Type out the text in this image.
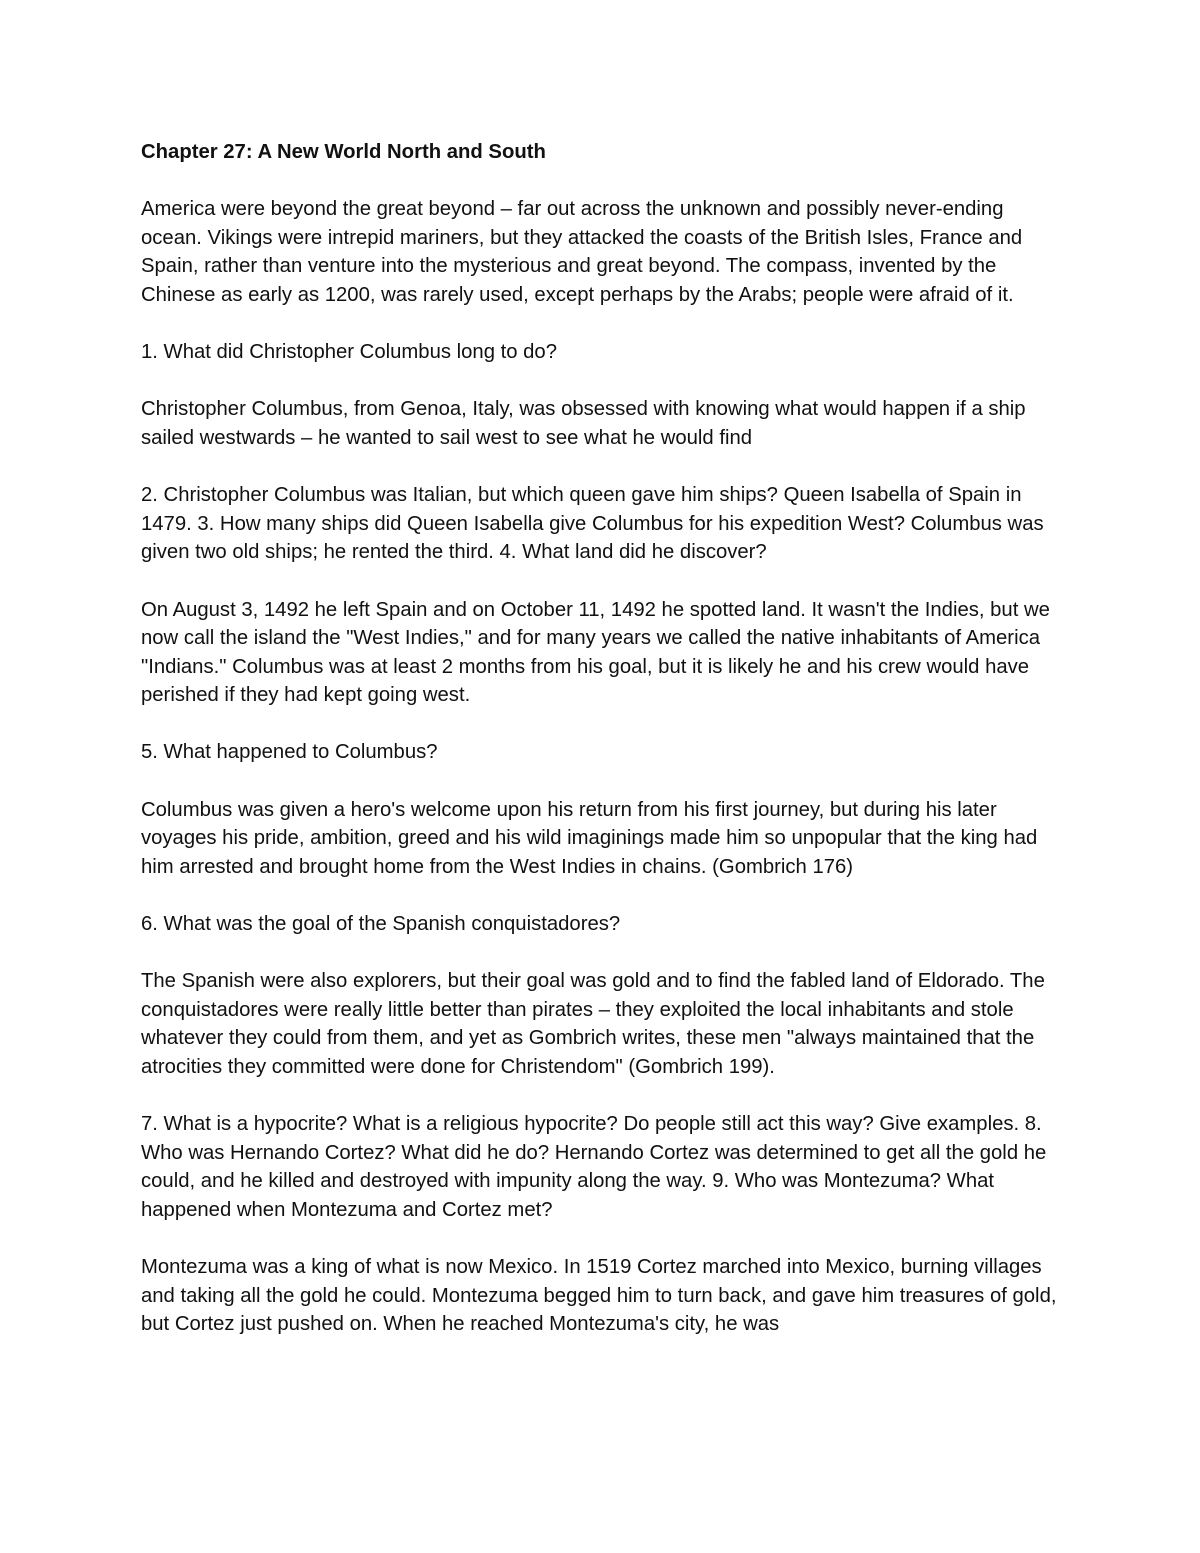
Chapter 27: A New World North and South

America were beyond the great beyond – far out across the unknown and possibly never-ending ocean. Vikings were intrepid mariners, but they attacked the coasts of the British Isles, France and Spain, rather than venture into the mysterious and great beyond. The compass, invented by the Chinese as early as 1200, was rarely used, except perhaps by the Arabs; people were afraid of it.

1. What did Christopher Columbus long to do?

Christopher Columbus, from Genoa, Italy, was obsessed with knowing what would happen if a ship sailed westwards – he wanted to sail west to see what he would find

2. Christopher Columbus was Italian, but which queen gave him ships? Queen Isabella of Spain in 1479. 3. How many ships did Queen Isabella give Columbus for his expedition West? Columbus was given two old ships; he rented the third. 4. What land did he discover?

On August 3, 1492 he left Spain and on October 11, 1492 he spotted land. It wasn't the Indies, but we now call the island the "West Indies," and for many years we called the native inhabitants of America "Indians." Columbus was at least 2 months from his goal, but it is likely he and his crew would have perished if they had kept going west.

5. What happened to Columbus?

Columbus was given a hero's welcome upon his return from his first journey, but during his later voyages his pride, ambition, greed and his wild imaginings made him so unpopular that the king had him arrested and brought home from the West Indies in chains. (Gombrich 176)

6. What was the goal of the Spanish conquistadores?

The Spanish were also explorers, but their goal was gold and to find the fabled land of Eldorado. The conquistadores were really little better than pirates – they exploited the local inhabitants and stole whatever they could from them, and yet as Gombrich writes, these men "always maintained that the atrocities they committed were done for Christendom" (Gombrich 199).

7. What is a hypocrite? What is a religious hypocrite? Do people still act this way? Give examples. 8. Who was Hernando Cortez? What did he do? Hernando Cortez was determined to get all the gold he could, and he killed and destroyed with impunity along the way. 9. Who was Montezuma? What happened when Montezuma and Cortez met?

Montezuma was a king of what is now Mexico. In 1519 Cortez marched into Mexico, burning villages and taking all the gold he could. Montezuma begged him to turn back, and gave him treasures of gold, but Cortez just pushed on. When he reached Montezuma's city, he was
